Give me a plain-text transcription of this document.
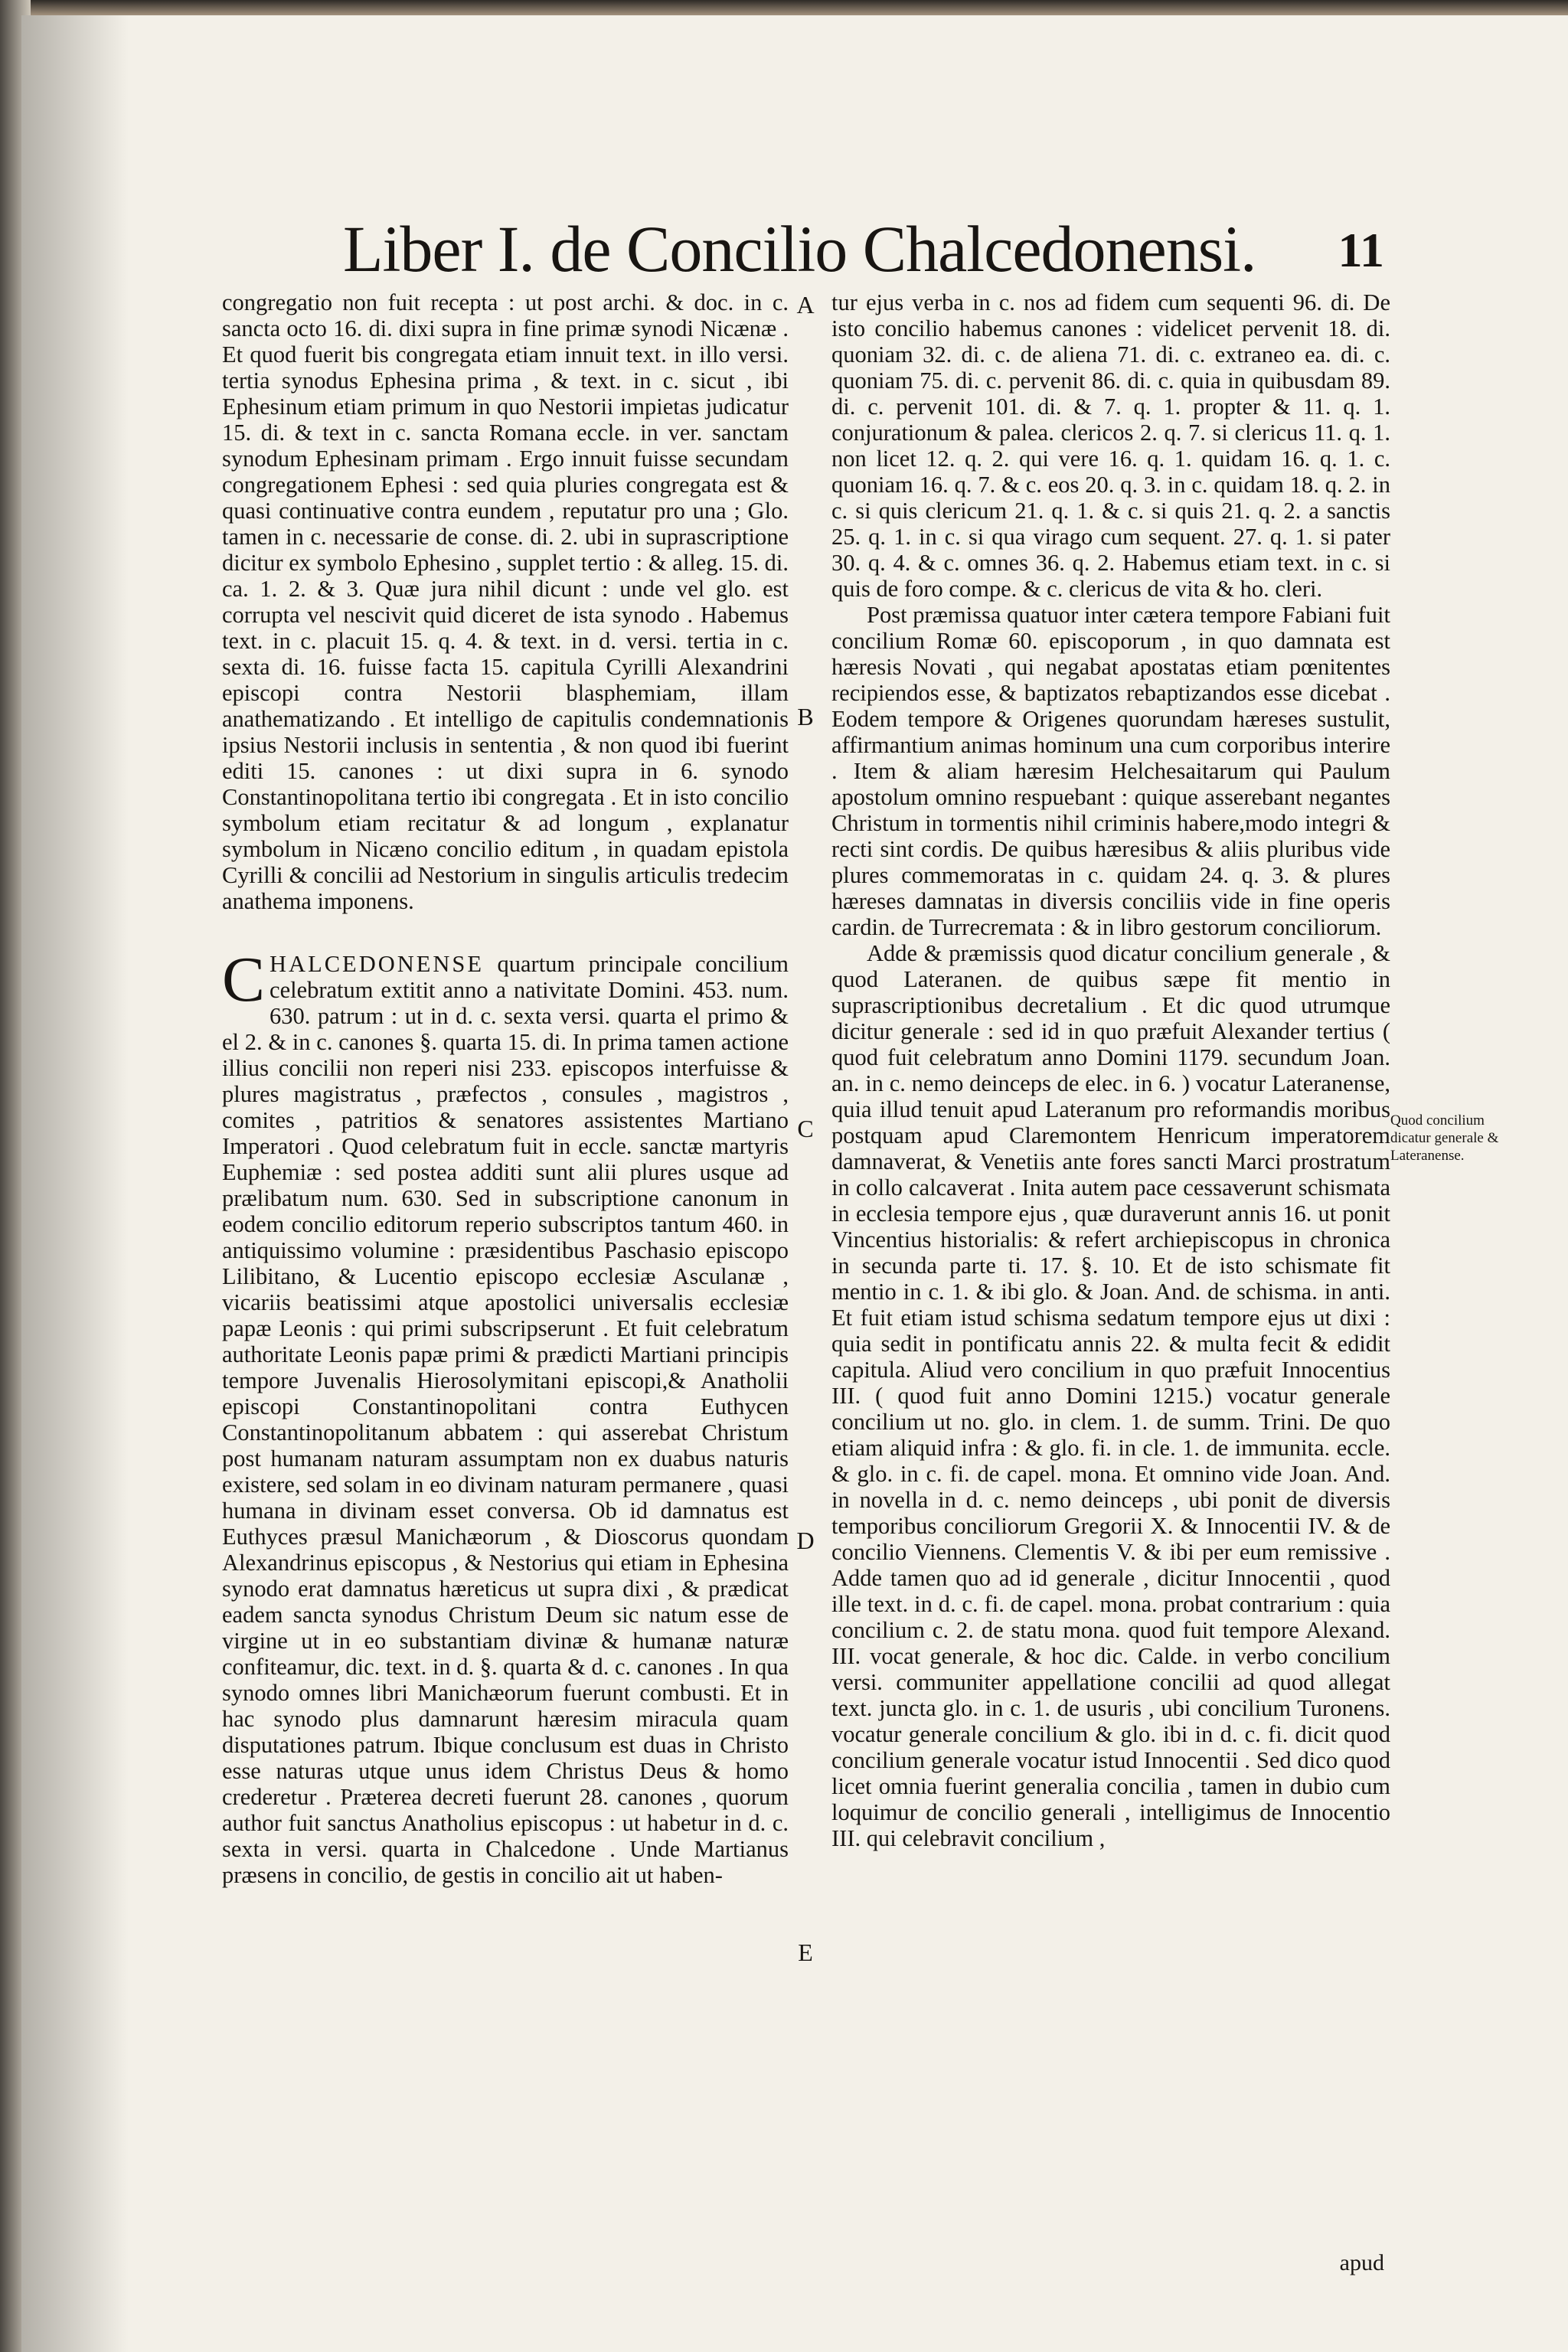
Liber I. de Concilio Chalcedonensi.	11

congregatio non fuit recepta : ut post archi. & doc. in c. sancta octo 16. di. dixi supra in fine primæ synodi Nicænæ . Et quod fuerit bis congregata etiam innuit text. in illo versi. tertia synodus Ephesina prima , & text. in c. sicut , ibi Ephesinum etiam primum in quo Nestorii impietas judicatur 15. di. & text in c. sancta Romana eccle. in ver. sanctam synodum Ephesinam primam . Ergo innuit fuisse secundam congregationem Ephesi : sed quia pluries congregata est & quasi continuative contra eundem , reputatur pro una ; Glo. tamen in c. necessarie de conse. di. 2. ubi in suprascriptione dicitur ex symbolo Ephesino , supplet tertio : & alleg. 15. di. ca. 1. 2. & 3. Quæ jura nihil dicunt : unde vel glo. est corrupta vel nescivit quid diceret de ista synodo . Habemus text. in c. placuit 15. q. 4. & text. in d. versi. tertia in c. sexta di. 16. fuisse facta 15. capitula Cyrilli Alexandrini episcopi contra Nestorii blasphemiam, illam anathematizando . Et intelligo de capitulis condemnationis ipsius Nestorii inclusis in sententia , & non quod ibi fuerint editi 15. canones : ut dixi supra in 6. synodo Constantinopolitana tertio ibi congregata . Et in isto concilio symbolum etiam recitatur & ad longum , explanatur symbolum in Nicæno concilio editum , in quadam epistola Cyrilli & concilii ad Nestorium in singulis articulis tredecim anathema imponens.

CHALCEDONENSE quartum principale concilium celebratum extitit anno a nativitate Domini. 453. num. 630. patrum : ut in d. c. sexta versi. quarta el primo & el 2. & in c. canones §. quarta 15. di. In prima tamen actione illius concilii non reperi nisi 233. episcopos interfuisse & plures magistratus , præfectos , consules , magistros , comites , patritios & senatores assistentes Martiano Imperatori . Quod celebratum fuit in eccle. sanctæ martyris Euphemiæ : sed postea additi sunt alii plures usque ad prælibatum num. 630. Sed in subscriptione canonum in eodem concilio editorum reperio subscriptos tantum 460. in antiquissimo volumine : præsidentibus Paschasio episcopo Lilibitano, & Lucentio episcopo ecclesiæ Asculanæ , vicariis beatissimi atque apostolici universalis ecclesiæ papæ Leonis : qui primi subscripserunt . Et fuit celebratum authoritate Leonis papæ primi & prædicti Martiani principis tempore Juvenalis Hierosolymitani episcopi,& Anatholii episcopi Constantinopolitani contra Euthycen Constantinopolitanum abbatem : qui asserebat Christum post humanam naturam assumptam non ex duabus naturis existere, sed solam in eo divinam naturam permanere , quasi humana in divinam esset conversa. Ob id damnatus est Euthyces præsul Manichæorum , & Dioscorus quondam Alexandrinus episcopus , & Nestorius qui etiam in Ephesina synodo erat damnatus hæreticus ut supra dixi , & prædicat eadem sancta synodus Christum Deum sic natum esse de virgine ut in eo substantiam divinæ & humanæ naturæ confiteamur, dic. text. in d. §. quarta & d. c. canones . In qua synodo omnes libri Manichæorum fuerunt combusti. Et in hac synodo plus damnarunt hæresim miracula quam disputationes patrum. Ibique conclusum est duas in Christo esse naturas utque unus idem Christus Deus & homo crederetur . Præterea decreti fuerunt 28. canones , quorum author fuit sanctus Anatholius episcopus : ut habetur in d. c. sexta in versi. quarta in Chalcedone . Unde Martianus præsens in concilio, de gestis in concilio ait ut haben-

A
B
C
D
E

tur ejus verba in c. nos ad fidem cum sequenti 96. di. De isto concilio habemus canones : videlicet pervenit 18. di. quoniam 32. di. c. de aliena 71. di. c. extraneo ea. di. c. quoniam 75. di. c. pervenit 86. di. c. quia in quibusdam 89. di. c. pervenit 101. di. & 7. q. 1. propter & 11. q. 1. conjurationum & palea. clericos 2. q. 7. si clericus 11. q. 1. non licet 12. q. 2. qui vere 16. q. 1. quidam 16. q. 1. c. quoniam 16. q. 7. & c. eos 20. q. 3. in c. quidam 18. q. 2. in c. si quis clericum 21. q. 1. & c. si quis 21. q. 2. a sanctis 25. q. 1. in c. si qua virago cum sequent. 27. q. 1. si pater 30. q. 4. & c. omnes 36. q. 2. Habemus etiam text. in c. si quis de foro compe. & c. clericus de vita & ho. cleri.

Post præmissa quatuor inter cætera tempore Fabiani fuit concilium Romæ 60. episcoporum , in quo damnata est hæresis Novati , qui negabat apostatas etiam pœnitentes recipiendos esse, & baptizatos rebaptizandos esse dicebat . Eodem tempore & Origenes quorundam hæreses sustulit, affirmantium animas hominum una cum corporibus interire . Item & aliam hæresim Helchesaitarum qui Paulum apostolum omnino respuebant : quique asserebant negantes Christum in tormentis nihil criminis habere,modo integri & recti sint cordis. De quibus hæresibus & aliis pluribus vide plures commemoratas in c. quidam 24. q. 3. & plures hæreses damnatas in diversis conciliis vide in fine operis cardin. de Turrecremata : & in libro gestorum conciliorum.

Adde & præmissis quod dicatur concilium generale , & quod Lateranen. de quibus sæpe fit mentio in suprascriptionibus decretalium . Et dic quod utrumque dicitur generale : sed id in quo præfuit Alexander tertius ( quod fuit celebratum anno Domini 1179. secundum Joan. an. in c. nemo deinceps de elec. in 6. ) vocatur Lateranense, quia illud tenuit apud Lateranum pro reformandis moribus postquam apud Claremontem Henricum imperatorem damnaverat, & Venetiis ante fores sancti Marci prostratum in collo calcaverat . Inita autem pace cessaverunt schismata in ecclesia tempore ejus , quæ duraverunt annis 16. ut ponit Vincentius historialis: & refert archiepiscopus in chronica in secunda parte ti. 17. §. 10. Et de isto schismate fit mentio in c. 1. & ibi glo. & Joan. And. de schisma. in anti. Et fuit etiam istud schisma sedatum tempore ejus ut dixi : quia sedit in pontificatu annis 22. & multa fecit & edidit capitula. Aliud vero concilium in quo præfuit Innocentius III. ( quod fuit anno Domini 1215.) vocatur generale concilium ut no. glo. in clem. 1. de summ. Trini. De quo etiam aliquid infra : & glo. fi. in cle. 1. de immunita. eccle. & glo. in c. fi. de capel. mona. Et omnino vide Joan. And. in novella in d. c. nemo deinceps , ubi ponit de diversis temporibus conciliorum Gregorii X. & Innocentii IV. & de concilio Viennens. Clementis V. & ibi per eum remissive . Adde tamen quo ad id generale , dicitur Innocentii , quod ille text. in d. c. fi. de capel. mona. probat contrarium : quia concilium c. 2. de statu mona. quod fuit tempore Alexand. III. vocat generale, & hoc dic. Calde. in verbo concilium versi. communiter appellatione concilii ad quod allegat text. juncta glo. in c. 1. de usuris , ubi concilium Turonens. vocatur generale concilium & glo. ibi in d. c. fi. dicit quod concilium generale vocatur istud Innocentii . Sed dico quod licet omnia fuerint generalia concilia , tamen in dubio cum loquimur de concilio generali , intelligimus de Innocentio III. qui celebravit concilium ,

Quod concilium dicatur generale & Lateranense.
apud
